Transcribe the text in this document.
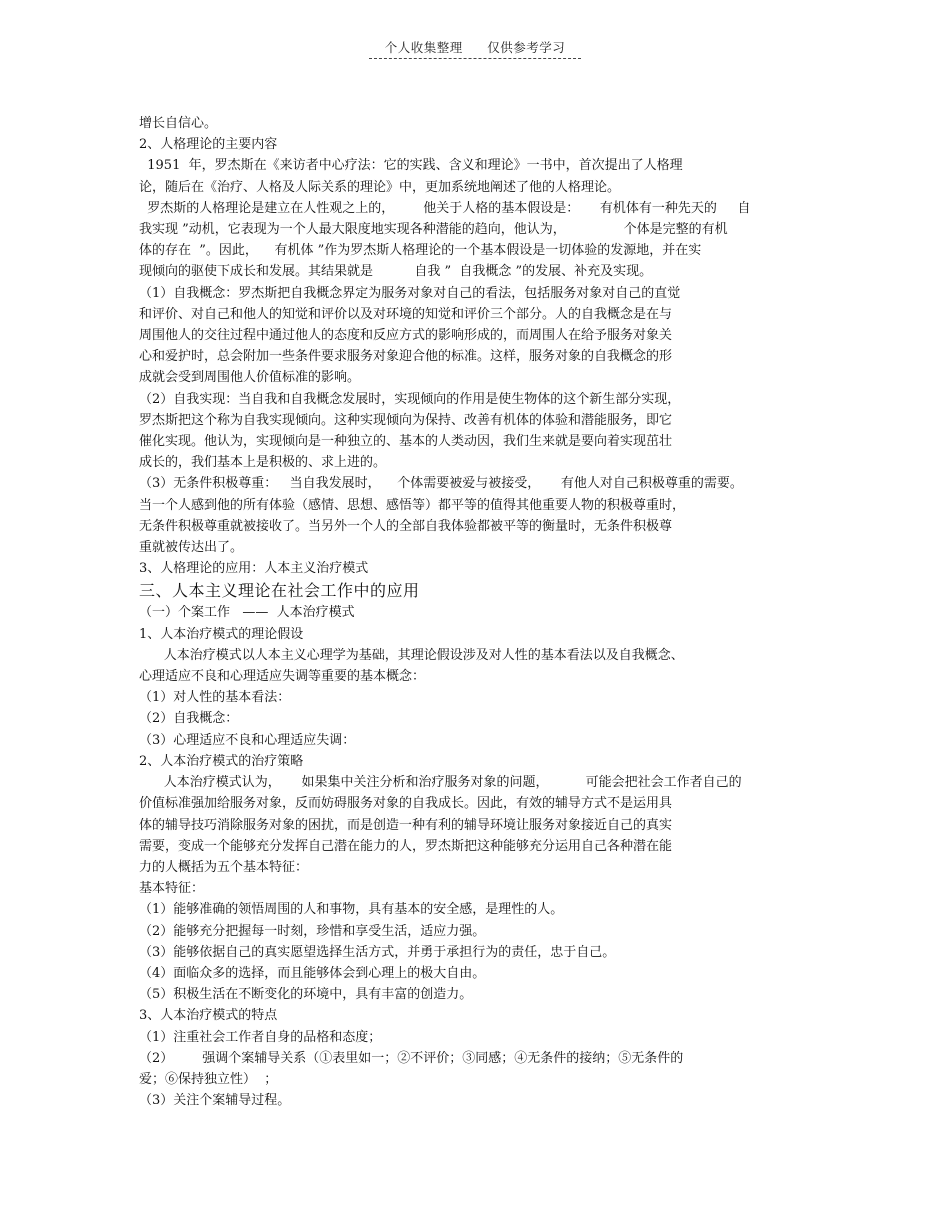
个人收集整理 仅供参考学习
增长自信心。
2、人格理论的主要内容
1951  年，罗杰斯在《来访者中心疗法：它的实践、含义和理论》一书中，首次提出了人格理
论，随后在《治疗、人格及人际关系的理论》中，更加系统地阐述了他的人格理论。
罗杰斯的人格理论是建立在人性观之上的，       他关于人格的基本假设是：     有机体有一种先天的     自
我实现 ”动机，它表现为一个人最大限度地实现各种潜能的趋向，他认为，              个体是完整的有机
体的存在  ”。因此，    有机体 ”作为罗杰斯人格理论的一个基本假设是一切体验的发源地，并在实
现倾向的驱使下成长和发展。其结果就是          自我 ”  自我概念 ”的发展、补充及实现。
（1）自我概念：罗杰斯把自我概念界定为服务对象对自己的看法，包括服务对象对自己的直觉
和评价、对自己和他人的知觉和评价以及对环境的知觉和评价三个部分。人的自我概念是在与
周围他人的交往过程中通过他人的态度和反应方式的影响形成的，而周围人在给予服务对象关
心和爱护时，总会附加一些条件要求服务对象迎合他的标准。这样，服务对象的自我概念的形
成就会受到周围他人价值标准的影响。
（2）自我实现：当自我和自我概念发展时，实现倾向的作用是使生物体的这个新生部分实现，
罗杰斯把这个称为自我实现倾向。这种实现倾向为保持、改善有机体的体验和潜能服务，即它
催化实现。他认为，实现倾向是一种独立的、基本的人类动因，我们生来就是要向着实现茁壮
成长的，我们基本上是积极的、求上进的。
（3）无条件积极尊重：   当自我发展时，    个体需要被爱与被接受，     有他人对自己积极尊重的需要。
当一个人感到他的所有体验（感情、思想、感悟等）都平等的值得其他重要人物的积极尊重时，
无条件积极尊重就被接收了。当另外一个人的全部自我体验都被平等的衡量时，无条件积极尊
重就被传达出了。
3、人格理论的应用：人本主义治疗模式
三、人本主义理论在社会工作中的应用
（一）个案工作   ——  人本治疗模式
1、人本治疗模式的理论假设
人本治疗模式以人本主义心理学为基础，其理论假设涉及对人性的基本看法以及自我概念、
心理适应不良和心理适应失调等重要的基本概念：
（1）对人性的基本看法：
（2）自我概念：
（3）心理适应不良和心理适应失调：
2、人本治疗模式的治疗策略
人本治疗模式认为，     如果集中关注分析和治疗服务对象的问题，         可能会把社会工作者自己的
价值标准强加给服务对象，反而妨碍服务对象的自我成长。因此，有效的辅导方式不是运用具
体的辅导技巧消除服务对象的困扰，而是创造一种有利的辅导环境让服务对象接近自己的真实
需要，变成一个能够充分发挥自己潜在能力的人，罗杰斯把这种能够充分运用自己各种潜在能
力的人概括为五个基本特征：
基本特征：
（1）能够准确的领悟周围的人和事物，具有基本的安全感，是理性的人。
（2）能够充分把握每一时刻，珍惜和享受生活，适应力强。
（3）能够依据自己的真实愿望选择生活方式，并勇于承担行为的责任，忠于自己。
（4）面临众多的选择，而且能够体会到心理上的极大自由。
（5）积极生活在不断变化的环境中，具有丰富的创造力。
3、人本治疗模式的特点
（1）注重社会工作者自身的品格和态度；
（2）       强调个案辅导关系（①表里如一；②不评价；③同感；④无条件的接纳；⑤无条件的
爱；⑥保持独立性）  ；
（3）关注个案辅导过程。
